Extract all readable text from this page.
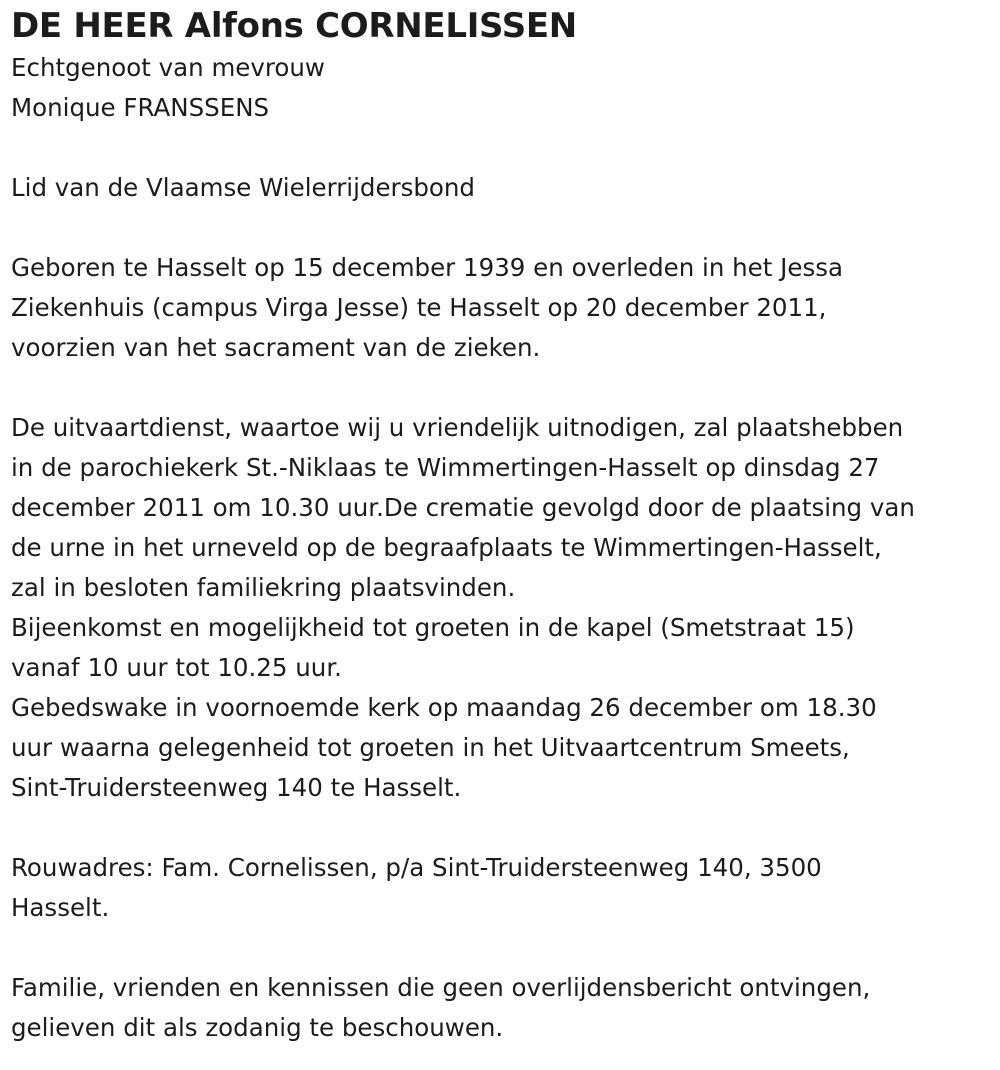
DE HEER Alfons CORNELISSEN

Echtgenoot van mevrouw
Monique FRANSSENS

Lid van de Vlaamse Wielerrijdersbond

Geboren te Hasselt op 15 december 1939 en overleden in het Jessa
Ziekenhuis (campus Virga Jesse) te Hasselt op 20 december 2011,
voorzien van het sacrament van de zieken.

De uitvaartdienst, waartoe wij u vriendelijk uitnodigen, zal plaatshebben
in de parochiekerk St.-Niklaas te Wimmertingen-Hasselt op dinsdag 27
december 2011 om 10.30 uur.De crematie gevolgd door de plaatsing van
de urne in het urneveld op de begraafplaats te Wimmertingen-Hasselt,
zal in besloten familiekring plaatsvinden.
Bijeenkomst en mogelijkheid tot groeten in de kapel (Smetstraat 15)
vanaf 10 uur tot 10.25 uur.
Gebedswake in voornoemde kerk op maandag 26 december om 18.30
uur waarna gelegenheid tot groeten in het Uitvaartcentrum Smeets,
Sint-Truidersteenweg 140 te Hasselt.

Rouwadres: Fam. Cornelissen, p/a Sint-Truidersteenweg 140, 3500
Hasselt.

Familie, vrienden en kennissen die geen overlijdensbericht ontvingen,
gelieven dit als zodanig te beschouwen.
